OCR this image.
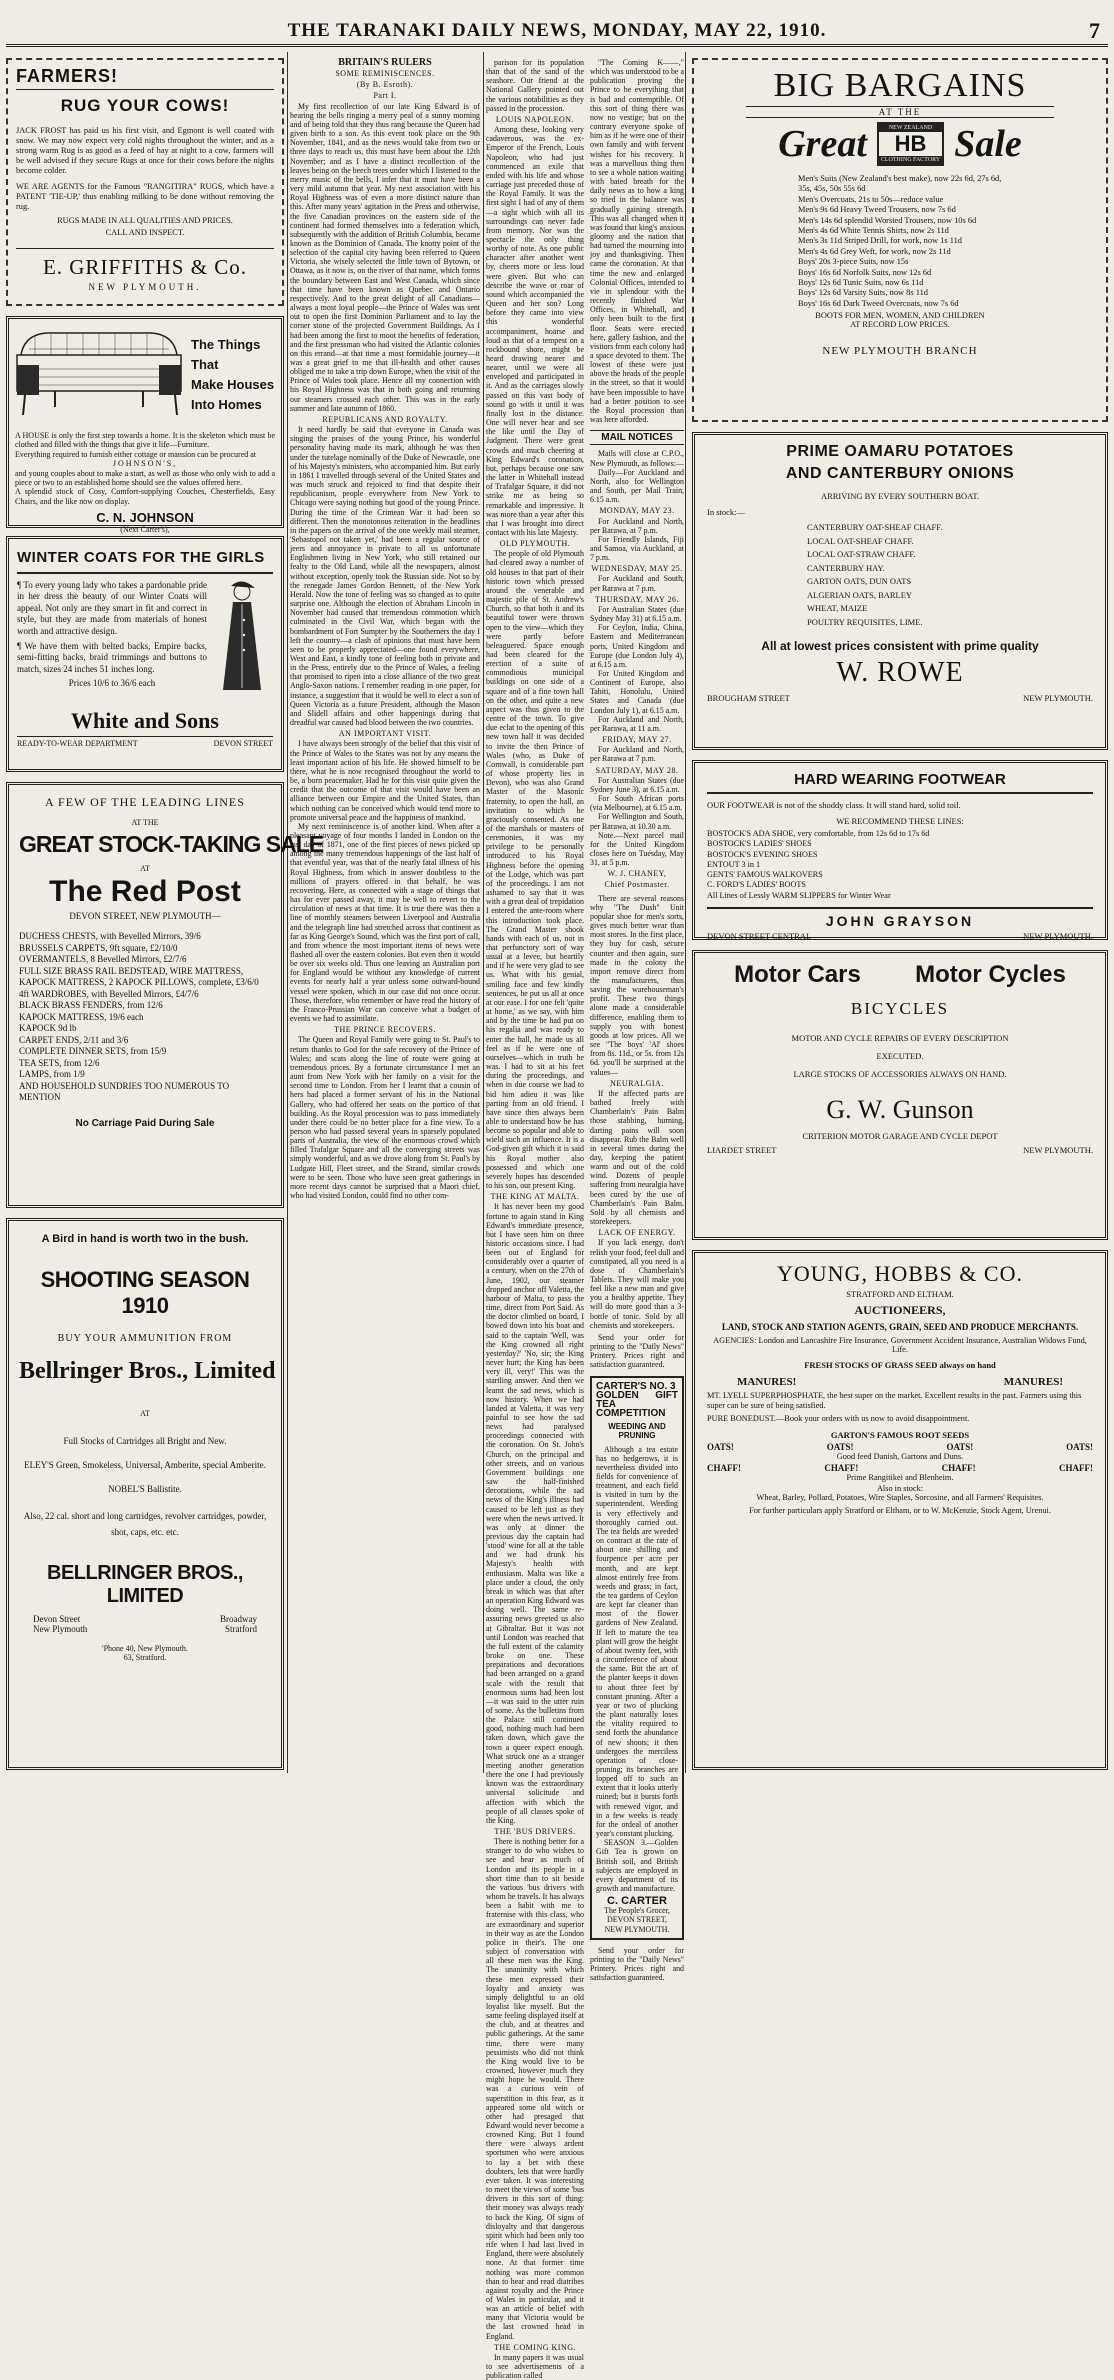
THE TARANAKI DAILY NEWS, MONDAY, MAY 22, 1910.	7
FARMERS!
RUG YOUR COWS!
JACK FROST has paid us his first visit, and Egmont is well coated with snow. We may now expect very cold nights throughout the winter, and as a strong warm Rug is as good as a feed of hay at night to a cow, farmers will be well advised if they secure Rugs at once for their cows before the nights become colder.
WE ARE AGENTS for the Famous "RANGITIRA" RUGS, which have a PATENT 'TIE-UP,' thus enabling milking to be done without removing the rug.
RUGS MADE IN ALL QUALITIES AND PRICES.
CALL AND INSPECT.
E. GRIFFITHS & Co.
NEW PLYMOUTH.
The Things
That
Make Houses
Into Homes
A HOUSE is only the first step towards a home. It is the skeleton which must be clothed and filled with the things that give it life—Furniture.
Everything required to furnish either cottage or mansion can be procured at
JOHNSON'S,
and young couples about to make a start, as well as those who only wish to add a piece or two to an established home should see the values offered here.
A splendid stock of Cosy, Comfort-supplying Couches, Chesterfields, Easy Chairs, and the like now on display.
C. N. JOHNSON
(Next Carter's),
WINTER COATS FOR THE GIRLS
¶ To every young lady who takes a pardonable pride in her dress the beauty of our Winter Coats will appeal. Not only are they smart in fit and correct in style, but they are made from materials of honest worth and attractive design.
¶ We have them with belted backs, Empire backs, semi-fitting backs, braid trimmings and buttons to match, sizes 24 inches 51 inches long.
Prices 10/6 to 36/6 each
White and Sons
READY-TO-WEAR DEPARTMENT	DEVON STREET
A FEW OF THE LEADING LINES
AT THE
GREAT STOCK-TAKING SALE
AT
The Red Post
DEVON STREET, NEW PLYMOUTH—
DUCHESS CHESTS, with Bevelled Mirrors, 39/6
BRUSSELS CARPETS, 9ft square, £2/10/0
OVERMANTELS, 8 Bevelled Mirrors, £2/7/6
FULL SIZE BRASS RAIL BEDSTEAD, WIRE MATTRESS, KAPOCK MATTRESS, 2 KAPOCK PILLOWS, complete, £3/6/0
4ft WARDROBES, with Bevelled Mirrors, £4/7/6
BLACK BRASS FENDERS, from 12/6
KAPOCK MATTRESS, 19/6 each
KAPOCK 9d lb
CARPET ENDS, 2/11 and 3/6
COMPLETE DINNER SETS, from 15/9
TEA SETS, from 12/6
LAMPS, from 1/9
AND HOUSEHOLD SUNDRIES TOO NUMEROUS TO MENTION
No Carriage Paid During Sale
A Bird in hand is worth two in the bush.
SHOOTING SEASON 1910
BUY YOUR AMMUNITION FROM
Bellringer Bros., Limited
AT
Full Stocks of Cartridges all Bright and New.
ELEY'S Green, Smokeless, Universal, Amberite, special Amberite.
NOBEL'S Ballistite.
Also, 22 cal. short and long cartridges, revolver cartridges, powder, shot, caps, etc. etc.
BELLRINGER BROS., LIMITED
Devon Street
New Plymouth
Broadway
Stratford
'Phone 40, New Plymouth.
63, Stratford.
BRITAIN'S RULERS
SOME REMINISCENCES.
(By B. Esroth).
Part I.

My first recollection of our late King Edward is of hearing the bells ringing a merry peal of a sunny morning and of being told that they thus rang because the Queen had given birth to a son. As this event took place on the 9th November, 1841, and as the news would take from two or three days to reach us, this must have been about the 12th November; and as I have a distinct recollection of the leaves being on the beech trees under which I listened to the merry music of the bells, I infer that it must have been a very mild autumn that year. My next association with his Royal Highness was of even a more distinct nature than this. After many years' agitation in the Press and otherwise, the five Canadian provinces on the eastern side of the continent had formed themselves into a federation which, subsequently with the addition of British Columbia, became known as the Dominion of Canada. The knotty point of the selection of the capital city having been referred to Queen Victoria, she wisely selected the little town of Bytown, or Ottawa, as it now is, on the river of that name, which forms the boundary between East and West Canada, which since that time have been known as Quebec and Ontario respectively. And to the great delight of all Canadians—always a most loyal people—the Prince of Wales was sent out to open the first Dominion Parliament and to lay the corner stone of the projected Government Buildings. As I had been among the first to moot the benefits of federation, and the first pressman who had visited the Atlantic colonies on this errand—at that time a most formidable journey—it was a great grief to me that ill-health and other causes obliged me to take a trip down Europe, when the visit of the Prince of Wales took place. Hence all my connection with his Royal Highness was that in both going and returning our steamers crossed each other. This was in the early summer and late autumn of 1860.

REPUBLICANS AND ROYALTY.

It need hardly be said that everyone in Canada was singing the praises of the young Prince, his wonderful personality having made its mark, although he was then under the tutelage nominally of the Duke of Newcastle, one of his Majesty's ministers, who accompanied him. But early in 1861 I travelled through several of the United States and was much struck and rejoiced to find that despite their republicanism, people everywhere from New York to Chicago were saying nothing but good of the young Prince. During the time of the Crimean War it had been so different. Then the monotonous reiteration in the headlines in the papers on the arrival of the one weekly mail steamer, 'Sebastopol not taken yet,' had been a regular source of jeers and annoyance in private to all us unfortunate Englishmen living in New York, who still retained our fealty to the Old Land, while all the newspapers, almost without exception, openly took the Russian side. Not so by the renegade James Gordon Bennett, of the New York Herald. Now the tone of feeling was so changed as to quite surprise one. Although the election of Abraham Lincoln in November had caused that tremendous commotion which culminated in the Civil War, which began with the bombardment of Fort Sumpter by the Southerners the day I left the country—a clash of opinions that must have been seen to be properly appreciated—one found everywhere, West and East, a kindly tone of feeling both in private and in the Press, entirely due to the Prince of Wales, a feeling that promised to ripen into a close alliance of the two great Anglo-Saxon nations. I remember reading in one paper, for instance, a suggestion that it would be well to elect a son of Queen Victoria as a future President, although the Mason and Slidell affairs and other happenings during that dreadful war caused bad blood between the two countries.

AN IMPORTANT VISIT.

I have always been strongly of the belief that this visit of the Prince of Wales to the States was not by any means the least important action of his life. He showed himself to be there, what he is now recognised throughout the world to be, a born peacemaker. Had he for this visit quite given the credit that the outcome of that visit would have been an alliance between our Empire and the United States, than which nothing can be conceived which would tend more to promote universal peace and the happiness of mankind.

My next reminiscence is of another kind. When after a pleasant voyage of four months I landed in London on the last day of 1871, one of the first pieces of news picked up among the many tremendous happenings of the last half of that eventful year, was that of the nearly fatal illness of his Royal Highness, from which in answer doubtless to the millions of prayers offered in that behalf, he was recovering. Here, as connected with a stage of things that has for ever passed away, it may be well to revert to the circulation of news at that time. It is true there was then a line of monthly steamers between Liverpool and Australia and the telegraph line had stretched across that continent as far as King George's Sound, which was the first port of call, and from whence the most important items of news were flashed all over the eastern colonies. But even then it would be over six weeks old. Thus one leaving an Australian port for England would be without any knowledge of current events for nearly half a year unless some outward-bound vessel were spoken, which in our case did not once occur. Those, therefore, who remember or have read the history of the Franco-Prussian War can conceive what a budget of events we had to assimilate.

THE PRINCE RECOVERS.

The Queen and Royal Family were going to St. Paul's to return thanks to God for the safe recovery of the Prince of Wales; and scats along the line of route were going at tremendous prices. By a fortunate circumstance I met an aunt from New York with her family on a visit for the second time to London. From her I learnt that a cousin of hers had placed a former servant of his in the National Gallery, who had offered her seats on the portico of that building. As the Royal procession was to pass immediately under there could be no better place for a fine view. To a person who had passed several years in sparsely populated parts of Australia, the view of the enormous crowd which filled Trafalgar Square and all the converging streets was simply wonderful, and as we drove along from St. Paul's by Ludgate Hill, Fleet street, and the Strand, similar crowds were to be seen. Those who have seen great gatherings in more recent days cannot be surprised that a Maori chief, who had visited London, could find no other com-

parison for its population than that of the sand of the seashore. Our friend at the National Gallery pointed out the various notabilities as they passed in the procession.

LOUIS NAPOLEON.

Among these, looking very cadaverous, was the ex-Emperor of the French, Louis Napoleon, who had just commenced an exile that ended with his life and whose carriage just preceded those of the Royal Family. It was the first sight I had of any of them—a sight which with all its surroundings can never fade from memory. Nor was the spectacle the only thing worthy of note. As one public character after another went by, cheers more or less loud were given. But who can describe the wave or roar of sound which accompanied the Queen and her son? Long before they came into view this wonderful accompaniment, hoarse and loud as that of a tempest on a rockbound shore, might be heard drawing nearer and nearer, until we were all enveloped and participated in it. And as the carriages slowly passed on this vast body of sound go with it until it was finally lost in the distance. One will never hear and see the like until the Day of Judgment. There were great crowds and much cheering at King Edward's coronation, but, perhaps because one saw the latter in Whitehall instead of Trafalgar Square, it did not strike me as being so remarkable and impressive. It was more than a year after this that I was brought into direct contact with his late Majesty.

OLD PLYMOUTH.

The people of old Plymouth had cleared away a number of old houses in that part of their historic town which pressed around the venerable and majestic pile of St. Andrew's Church, so that both it and its beautiful tower were thrown open to the view—which they were partly before beleaguered. Space enough had been cleared for the erection of a suite of commodious municipal buildings on one side of a square and of a fine town hall on the other, and quite a new aspect was thus given to the centre of the town. To give due eclat to the opening of this new town hall it was decided to invite the then Prince of Wales (who, as Duke of Cornwall, is considerable part of whose property lies in Devon), who was also Grand Master of the Masonic fraternity, to open the hall, an invitation to which he graciously consented. As one of the marshals or masters of ceremonies, it was my privilege to be personally introduced to his Royal Highness before the opening of the Lodge, which was part of the proceedings. I am not ashamed to say that it was with a great deal of trepidation I entered the ante-room where this introduction took place. The Grand Master shook hands with each of us, not in that perfunctory sort of way usual at a levee, but heartily and if he were very glad to see us. What with his genial, smiling face and few kindly sentences, he put us all at once at our ease. I for one felt 'quite at home,' as we say, with him and by the time he had put on his regalia and was ready to enter the hall, he made us all feel as if he were one of ourselves—which in truth he was. I had to sit at his feet during the proceedings, and when in due course we had to bid him adieu it was like parting from an old friend. I have since then always been able to understand how he has become so popular and able to wield such an influence. It is a God-given gift which it is said his Royal mother also possessed and which one severely hopes has descended to his son, our present King.

THE KING AT MALTA.

It has never been my good fortune to again stand in King Edward's immediate presence, but I have seen him on three historic occasions since. I had been out of England for considerably over a quarter of a century, when on the 27th of June, 1902, our steamer dropped anchor off Valetta, the harbour of Malta, to pass the time, direct from Port Said. As the doctor climbed on board, I bowed down into his boat and said to the captain 'Well, was the King crowned all right yesterday?' 'No, sir; the King never hurt; the King has been very ill, very!' This was the startling answer. And then we learnt the sad news, which is now history. When we had landed at Valetta, it was very painful to see how the sad news had paralysed proceedings connected with the coronation. On St. John's Church, on the principal and other streets, and on various Government buildings one saw the half-finished decorations, while the sad news of the King's illness had caused to be left just as they were when the news arrived. It was only at dinner the previous day the captain had 'stood' wine for all at the table and we had drunk his Majesty's health with enthusiasm. Malta was like a place under a cloud, the only break in which was that after an operation King Edward was doing well. The same re-assuring news greeted us also at Gibraltar. But it was not until London was reached that the full extent of the calamity broke on one. These preparations and decorations had been arranged on a grand scale with the result that enormous sums had been lost—it was said to the utter ruin of some. As the bulletins from the Palace still continued good, nothing much had been taken down, which gave the town a queer expect enough. What struck one as a stranger meeting another generation there the one I had previously known was the extraordinary universal solicitude and affection with which the people of all classes spoke of the King.

THE 'BUS DRIVERS.

There is nothing better for a stranger to do who wishes to see and hear as much of London and its people in a short time than to sit beside the various 'bus drivers with whom he travels. It has always been a habit with me to fraternise with this class, who are extraordinary and superior in their way as are the London police in their's. The one subject of conversation with all these men was the King. The unanimity with which these men expressed their loyalty and anxiety was simply delightful to an old loyalist like myself. But the same feeling displayed itself at the club, and at theatres and public gatherings. At the same time, there were many pessimists who did not think the King would live to be crowned, however much they might hope he would. There was a curious vein of superstition in this fear, as it appeared some old witch or other had presaged that Edward would never become a crowned King. But I found there were always ardent sportsmen who were anxious to lay a bet with these doubters, lets that were hardly ever taken. It was interesting to meet the views of some 'bus drivers in this sort of thing: their money was always ready to back the King. Of signs of disloyalty and that dangerous spirit which had been only too rife when I had last lived in England, there were absolutely none. At that former time nothing was more common than to hear and read diatribes against royalty and the Prince of Wales in particular, and it was an article of belief with many that Victoria would be the last crowned head in England.

THE COMING KING.

In many papers it was usual to see advertisements of a publication called

BIG BARGAINS
AT THE
Great	NEW ZEALAND
HB
CLOTHING FACTORY Sale
Men's Suits (New Zealand's best make), now 22s 6d, 27s 6d, 35s, 45s, 50s 55s 6d
Men's Overcoats, 21s to 50s—reduce value
Men's 9s 6d Heavy Tweed Trousers, now 7s 6d
Men's 14s 6d splendid Worsted Trousers, now 10s 6d
Men's 4s 6d White Tennis Shirts, now 2s 11d
Men's 3s 11d Striped Drill, for work, now 1s 11d
Men's 4s 6d Grey Weft, for work, now 2s 11d
Boys' 20s 3-piece Suits, now 15s
Boys' 16s 6d Norfolk Suits, now 12s 6d
Boys' 12s 6d Tunic Suits, now 6s 11d
Boys' 12s 6d Varsity Suits, now 8s 11d
Boys' 16s 6d Dark Tweed Overcoats, now 7s 6d
BOOTS FOR MEN, WOMEN, AND CHILDREN
AT RECORD LOW PRICES.
NEW PLYMOUTH BRANCH
PRIME OAMARU POTATOES
AND CANTERBURY ONIONS
ARRIVING BY EVERY SOUTHERN BOAT.
In stock:—
CANTERBURY OAT-SHEAF CHAFF.
LOCAL OAT-SHEAF CHAFF.
LOCAL OAT-STRAW CHAFF.
CANTERBURY HAY.
GARTON OATS, DUN OATS
ALGERIAN OATS, BARLEY
WHEAT, MAIZE
POULTRY REQUISITES, LIME.
All at lowest prices consistent with prime quality
W. ROWE
BROUGHAM STREET	NEW PLYMOUTH.
HARD WEARING FOOTWEAR
OUR FOOTWEAR is not of the shoddy class. It will stand hard, solid toil.
WE RECOMMEND THESE LINES:
BOSTOCK'S ADA SHOE, very comfortable, from 12s 6d to 17s 6d
BOSTOCK'S LADIES' SHOES
BOSTOCK'S EVENING SHOES
ENTOUT 3 in 1
GENTS' FAMOUS WALKOVERS
C. FORD'S LADIES' BOOTS
All Lines of Lessly WARM SLIPPERS for Winter Wear
JOHN GRAYSON
DEVON STREET CENTRAL	NEW PLYMOUTH.
Motor Cars Motor Cycles
BICYCLES
MOTOR AND CYCLE REPAIRS OF EVERY DESCRIPTION
EXECUTED.
LARGE STOCKS OF ACCESSORIES ALWAYS ON HAND.
G. W. Gunson
CRITERION MOTOR GARAGE AND CYCLE DEPOT
LIARDET STREET	NEW PLYMOUTH.
YOUNG, HOBBS & CO.
STRATFORD AND ELTHAM.
AUCTIONEERS,
LAND, STOCK AND STATION AGENTS, GRAIN, SEED AND PRODUCE MERCHANTS.
AGENCIES: London and Lancashire Fire Insurance, Government Accident Insurance, Australian Widows Fund, Life.
FRESH STOCKS OF GRASS SEED always on hand
MANURES!	MANURES!
MT. LYELL SUPERPHOSPHATE, the best super on the market. Excellent results in the past. Farmers using this super can be sure of being satisfied.
PURE BONEDUST.—Book your orders with us now to avoid disappointment.
GARTON'S FAMOUS ROOT SEEDS
OATS!	OATS!	OATS!	OATS!
Good feed Danish, Gartons and Duns.
CHAFF!	CHAFF!	CHAFF!	CHAFF!
Prime Rangitikei and Blenheim.
Also in stock:
Wheat, Barley, Pollard, Potatoes, Wire Staples, Sorcosine, and all Farmers' Requisites.
For further particulars apply Stratford or Eltham, or to W. McKenzie, Stock Agent, Urenui.

"The Coming K——," which was understood to be a publication proving the Prince to be everything that is bad and contemptible. Of this sort of thing there was now no vestige; but on the contrary everyone spoke of him as if he were one of their own family and with fervent wishes for his recovery. It was a marvellous thing then to see a whole nation waiting with bated breath for the daily news as to how a king so tried in the balance was gradually gaining strength. This was all changed when it was found that king's anxious gloomy and the nation that had turned the mourning into joy and thanksgiving. Then came the coronation. At that time the new and enlarged Colonial Offices, intended to vie in splendour with the recently finished War Offices, in Whitehall, and only been built to the first floor. Seats were erected here, gallery fashion, and the visitors from each colony had a space devoted to them. The lowest of these were just above the heads of the people in the street, so that it would have been impossible to have had a better position to see the Royal procession than was here afforded.

MAIL NOTICES

Mails will close at C.P.O., New Plymouth, as follows:—

Daily—For Auckland and North, also for Wellington and South, per Mail Train, 6.15 a.m.

MONDAY, MAY 23.

For Auckland and North, per Rarawa, at 7 p.m.

For Friendly Islands, Fiji and Samoa, via Auckland, at 7 p.m.

WEDNESDAY, MAY 25.

For Auckland and South, per Rarawa at 7 p.m.

THURSDAY, MAY 26.

For Australian States (due Sydney May 31) at 6.15 a.m.

For Ceylon, India, China, Eastern and Mediterranean ports, United Kingdom and Europe (due London July 4), at 6.15 a.m.

For United Kingdom and Continent of Europe, also Tahiti, Honolulu, United States and Canada (due London July 1), at 6.15 a.m.

For Auckland and North, per Rarawa, at 11 a.m.

FRIDAY, MAY 27.

For Auckland and North, per Rarawa at 7 p.m.

SATURDAY, MAY 28.

For Australian States (due Sydney June 3), at 6.15 a.m.

For South African ports (via Melbourne), at 6.15 a.m.

For Wellington and South, per Rarawa, at 10.30 a.m.

Note.—Next parcel mail for the United Kingdom closes here on Tuesday, May 31, at 5 p.m.

W. J. CHANEY,
Chief Postmaster.

There are several reasons why "The Dush" Unit popular shoe for men's sorts, gives much better wear than most stores. In the first place, they buy for cash, secure counter and then again, sure made in the colony the import remove direct from the manufacturers, thus saving the warehouseman's profit. These two things alone made a considerable difference, enabling them to supply you with honest goods at low prices. All we see "The boys' 'Al' shoes from 8s. 11d., or 5s. from 12s 6d. you'll be surprised at the values—

NEURALGIA.

If the affected parts are bathed freely with Chamberlain's Pain Balm those stabbing, burning, darting pains will soon disappear. Rub the Balm well in several times during the day, keeping the patient warm and out of the cold wind. Dozens of people suffering from neuralgia have been cured by the use of Chamberlain's Pain Balm. Sold by all chemists and storekeepers.

LACK OF ENERGY.

If you lack energy, don't relish your food, feel dull and constipated, all you need is a dose of Chamberlain's Tablets. They will make you feel like a new man and give you a healthy appetite. They will do more good than a 3-bottle of tonic. Sold by all chemists and storekeepers.

Send your order for printing to the "Daily News" Printery. Prices right and satisfaction guaranteed.

CARTER'S NO. 3
GOLDEN GIFT TEA
COMPETITION
WEEDING AND PRUNING

Although a tea estate has no hedgerows, it is nevertheless divided into fields for convenience of treatment, and each field is visited in turn by the superintendent. Weeding is very effectively and thoroughly carried out. The tea fields are weeded on contract at the rate of about one shilling and fourpence per acre per month, and are kept almost entirely free from weeds and grass; in fact, the tea gardens of Ceylon are kept far cleaner than most of the flower gardens of New Zealand. If left to mature the tea plant will grow the height of about twenty feet, with a circumference of about the same. But the art of the planter keeps it down to about three feet by constant pruning. After a year or two of plucking the plant naturally loses the vitality required to send forth the abundance of new shoots; it then undergoes the merciless operation of close-pruning; its branches are lopped off to such an extent that it looks utterly ruined; but it bursts forth with renewed vigor, and in a few weeks is ready for the ordeal of another year's constant plucking.

SEASON 3.—Golden Gift Tea is grown on British soil, and British subjects are employed in every department of its growth and manufacture.

C. CARTER
The People's Grocer,
DEVON STREET,
NEW PLYMOUTH.

Send your order for printing to the "Daily News" Printery. Prices right and satisfaction guaranteed.
